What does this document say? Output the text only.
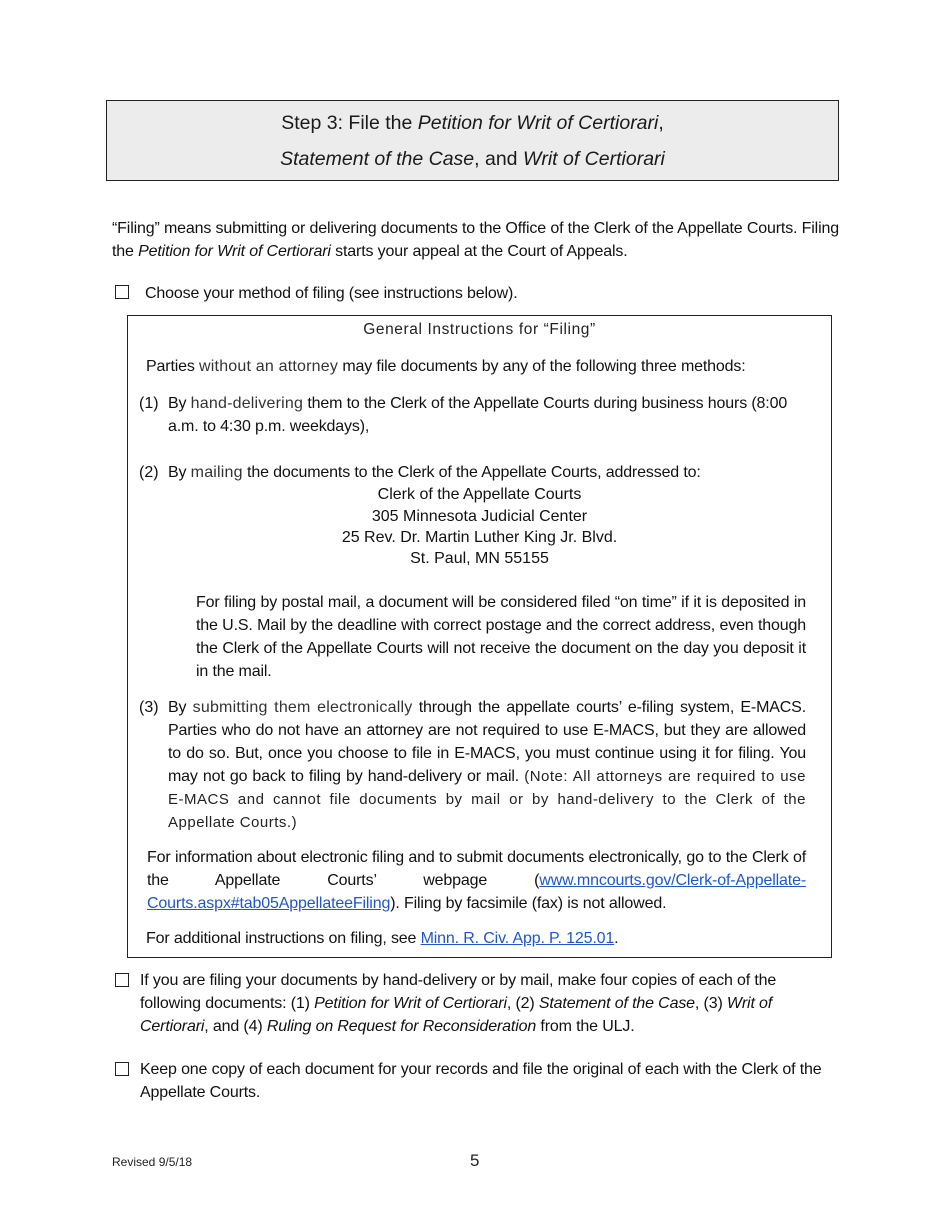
Step 3: File the Petition for Writ of Certiorari,
Statement of the Case, and Writ of Certiorari
“Filing” means submitting or delivering documents to the Office of the Clerk of the Appellate Courts. Filing the Petition for Writ of Certiorari starts your appeal at the Court of Appeals.
Choose your method of filing (see instructions below).
General Instructions for “Filing”
Parties without an attorney may file documents by any of the following three methods:
(1) By hand-delivering them to the Clerk of the Appellate Courts during business hours (8:00 a.m. to 4:30 p.m. weekdays),
(2) By mailing the documents to the Clerk of the Appellate Courts, addressed to:
Clerk of the Appellate Courts
305 Minnesota Judicial Center
25 Rev. Dr. Martin Luther King Jr. Blvd.
St. Paul, MN 55155
For filing by postal mail, a document will be considered filed “on time” if it is deposited in the U.S. Mail by the deadline with correct postage and the correct address, even though the Clerk of the Appellate Courts will not receive the document on the day you deposit it in the mail.
(3) By submitting them electronically through the appellate courts’ e-filing system, E-MACS. Parties who do not have an attorney are not required to use E-MACS, but they are allowed to do so. But, once you choose to file in E-MACS, you must continue using it for filing. You may not go back to filing by hand-delivery or mail. (Note: All attorneys are required to use E-MACS and cannot file documents by mail or by hand-delivery to the Clerk of the Appellate Courts.)
For information about electronic filing and to submit documents electronically, go to the Clerk of the Appellate Courts’ webpage (www.mncourts.gov/Clerk-of-Appellate-Courts.aspx#tab05AppellateeFiling). Filing by facsimile (fax) is not allowed.
For additional instructions on filing, see Minn. R. Civ. App. P. 125.01.
If you are filing your documents by hand-delivery or by mail, make four copies of each of the following documents: (1) Petition for Writ of Certiorari, (2) Statement of the Case, (3) Writ of Certiorari, and (4) Ruling on Request for Reconsideration from the ULJ.
Keep one copy of each document for your records and file the original of each with the Clerk of the Appellate Courts.
Revised 9/5/18	5
